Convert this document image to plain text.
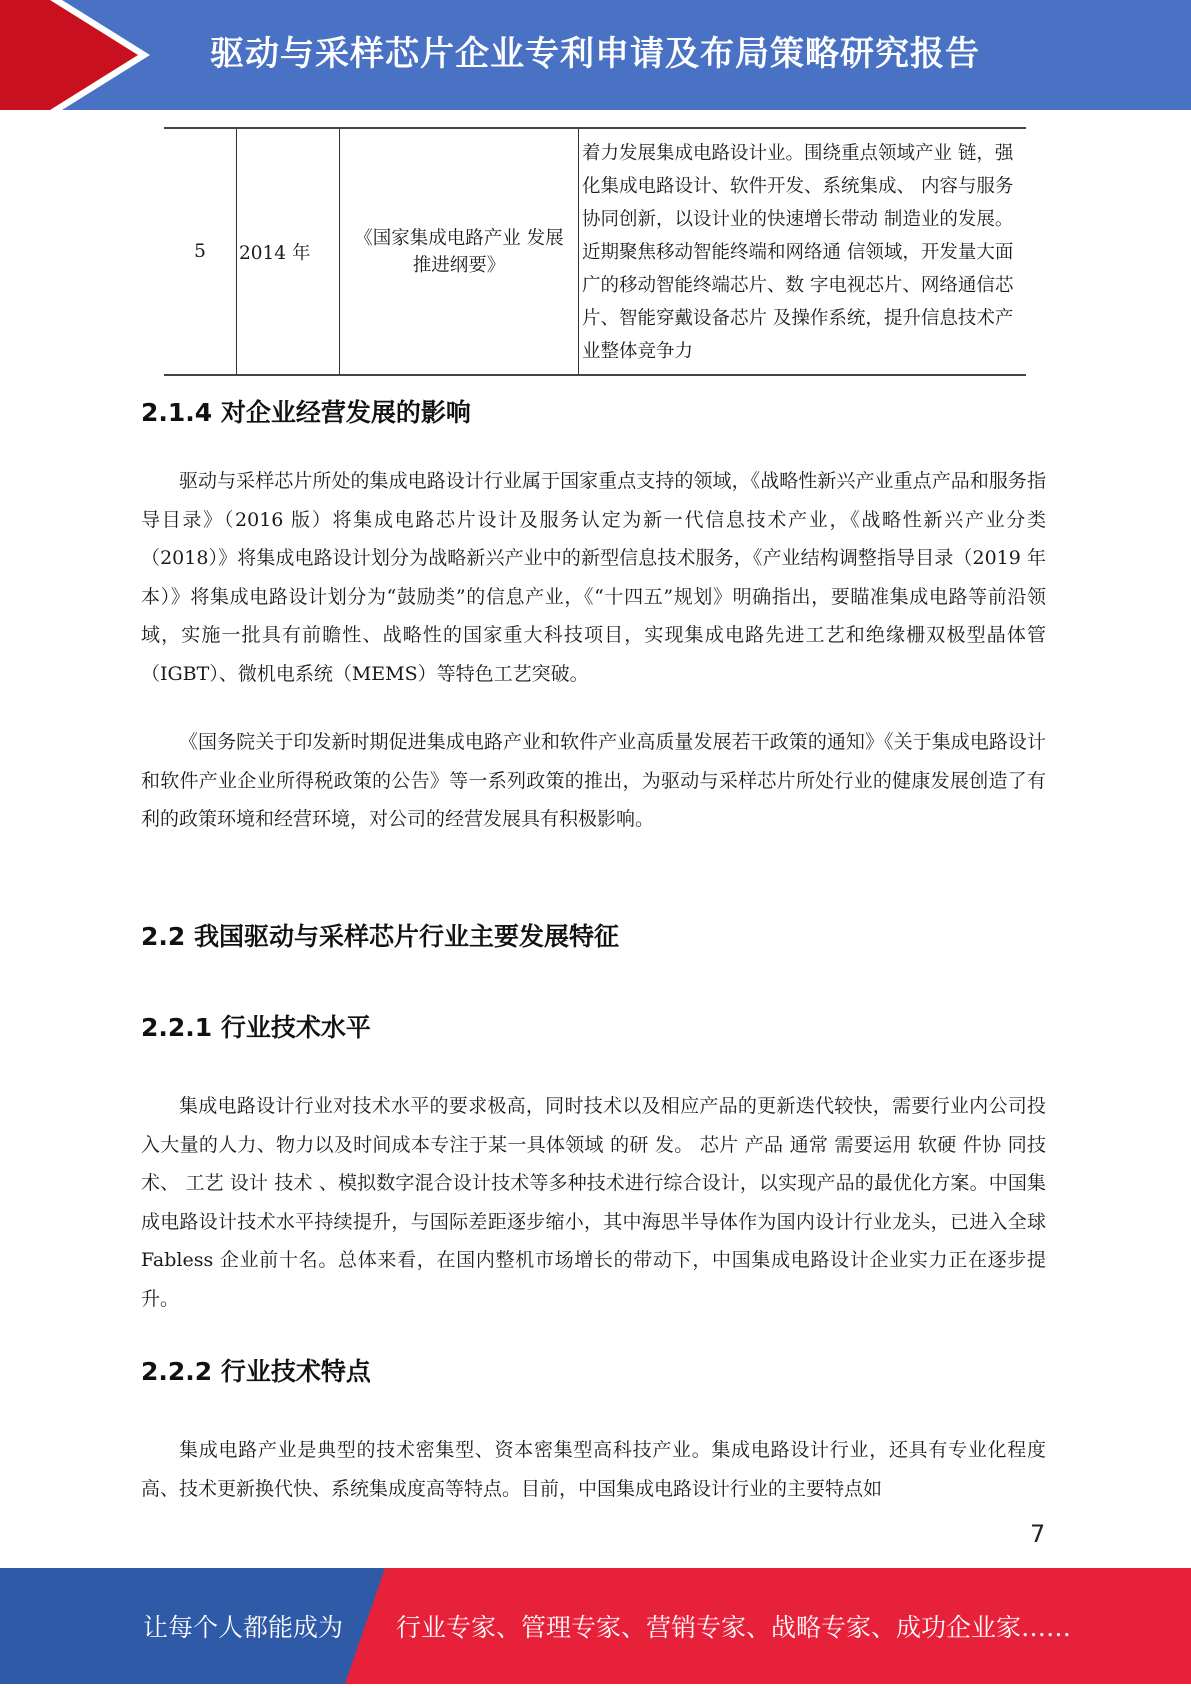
驱动与采样芯片企业专利申请及布局策略研究报告
5	2014 年	《国家集成电路产业 发展推进纲要》	着力发展集成电路设计业。围绕重点领域产业 链，强化集成电路设计、软件开发、系统集成、 内容与服务协同创新，以设计业的快速增长带动 制造业的发展。近期聚焦移动智能终端和网络通 信领域，开发量大面广的移动智能终端芯片、数 字电视芯片、网络通信芯片、智能穿戴设备芯片 及操作系统，提升信息技术产业整体竞争力
2.1.4 对企业经营发展的影响

驱动与采样芯片所处的集成电路设计行业属于国家重点支持的领域，《战略性新兴产业重点产品和服务指导目录》（2016 版）将集成电路芯片设计及服务认定为新一代信息技术产业，《战略性新兴产业分类（2018）》将集成电路设计划分为战略新兴产业中的新型信息技术服务，《产业结构调整指导目录（2019 年本）》将集成电路设计划分为“鼓励类”的信息产业，《“十四五”规划》明确指出，要瞄准集成电路等前沿领域，实施一批具有前瞻性、战略性的国家重大科技项目，实现集成电路先进工艺和绝缘栅双极型晶体管（IGBT）、微机电系统（MEMS）等特色工艺突破。

《国务院关于印发新时期促进集成电路产业和软件产业高质量发展若干政策的通知》《关于集成电路设计和软件产业企业所得税政策的公告》等一系列政策的推出，为驱动与采样芯片所处行业的健康发展创造了有利的政策环境和经营环境，对公司的经营发展具有积极影响。

2.2 我国驱动与采样芯片行业主要发展特征
2.2.1 行业技术水平

集成电路设计行业对技术水平的要求极高，同时技术以及相应产品的更新迭代较快，需要行业内公司投入大量的人力、物力以及时间成本专注于某一具体领域 的研 发。 芯片 产品 通常 需要运用 软硬 件协 同技 术、 工艺 设计 技术 、模拟数字混合设计技术等多种技术进行综合设计，以实现产品的最优化方案。中国集成电路设计技术水平持续提升，与国际差距逐步缩小，其中海思半导体作为国内设计行业龙头，已进入全球 Fabless 企业前十名。总体来看，在国内整机市场增长的带动下，中国集成电路设计企业实力正在逐步提升。

2.2.2 行业技术特点

集成电路产业是典型的技术密集型、资本密集型高科技产业。集成电路设计行业，还具有专业化程度高、技术更新换代快、系统集成度高等特点。目前，中国集成电路设计行业的主要特点如

7
让每个人都能成为 行业专家、管理专家、营销专家、战略专家、成功企业家……
